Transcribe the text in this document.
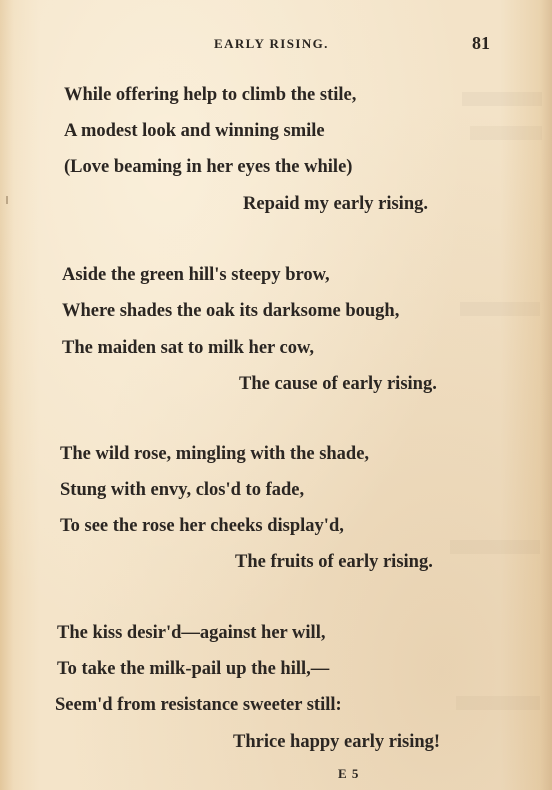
EARLY RISING.	81
While offering help to climb the stile,
A modest look and winning smile
(Love beaming in her eyes the while)
Repaid my early rising.
Aside the green hill's steepy brow,
Where shades the oak its darksome bough,
The maiden sat to milk her cow,
The cause of early rising.
The wild rose, mingling with the shade,
Stung with envy, clos'd to fade,
To see the rose her cheeks display'd,
The fruits of early rising.
The kiss desir'd—against her will,
To take the milk-pail up the hill,—
Seem'd from resistance sweeter still:
Thrice happy early rising!
E 5
